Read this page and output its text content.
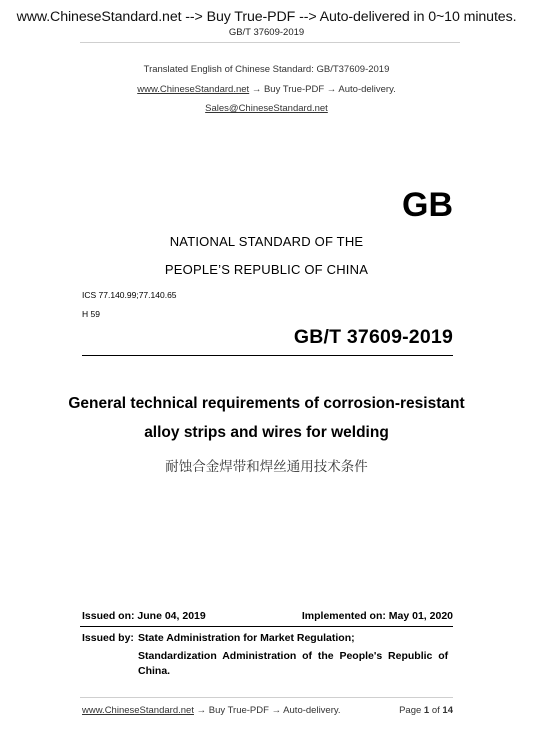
www.ChineseStandard.net --> Buy True-PDF --> Auto-delivered in 0~10 minutes.
GB/T 37609-2019
Translated English of Chinese Standard: GB/T37609-2019
www.ChineseStandard.net → Buy True-PDF → Auto-delivery.
Sales@ChineseStandard.net
GB
NATIONAL STANDARD OF THE
PEOPLE’S REPUBLIC OF CHINA
ICS 77.140.99;77.140.65
H 59
GB/T 37609-2019
General technical requirements of corrosion-resistant
alloy strips and wires for welding
耐蚀合金焊带和焊丝通用技术条件
Issued on: June 04, 2019	Implemented on: May 01, 2020
Issued by: State Administration for Market Regulation;
Standardization  Administration  of  the  People's  Republic  of
China.
www.ChineseStandard.net → Buy True-PDF → Auto-delivery.	Page 1 of 14
